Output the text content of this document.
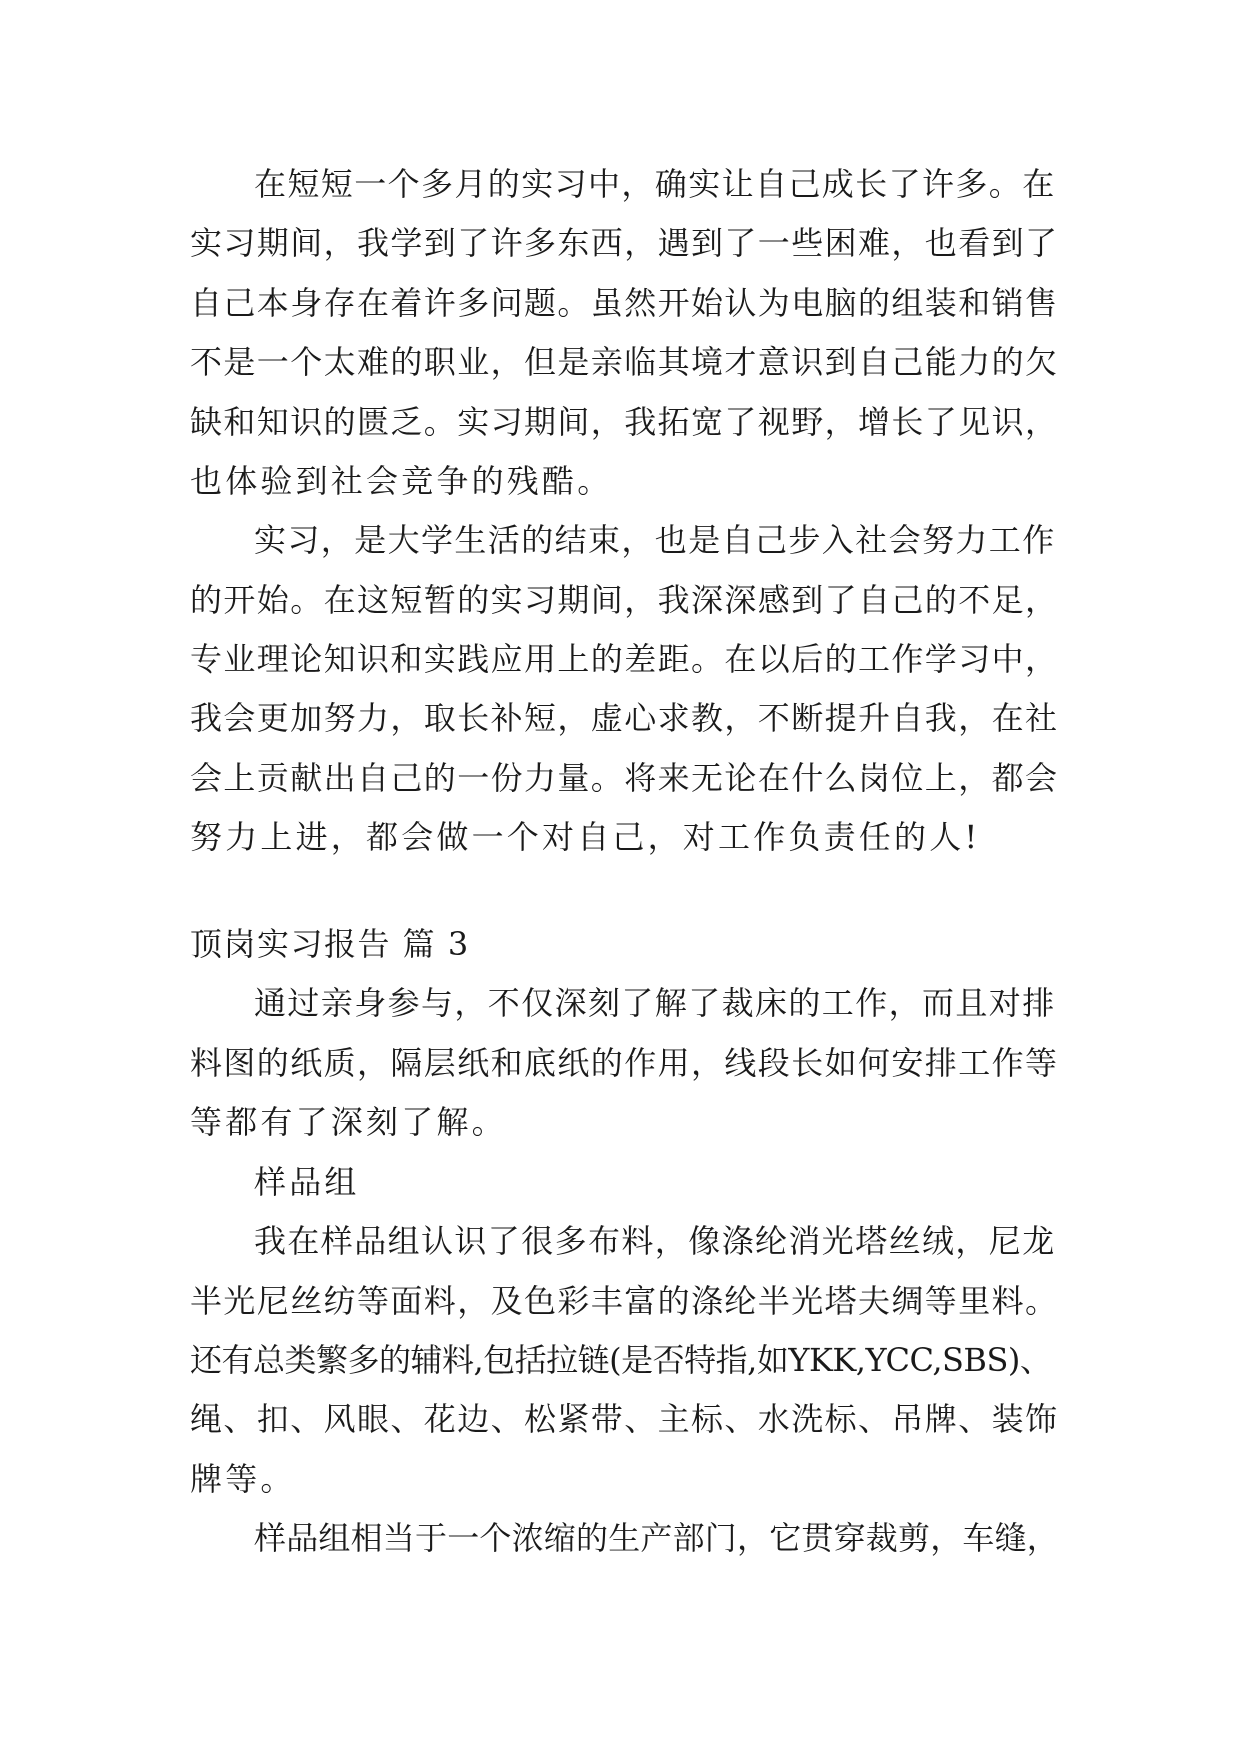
在短短一个多月的实习中，确实让自己成长了许多。在
实习期间，我学到了许多东西，遇到了一些困难，也看到了
自己本身存在着许多问题。虽然开始认为电脑的组装和销售
不是一个太难的职业，但是亲临其境才意识到自己能力的欠
缺和知识的匮乏。实习期间，我拓宽了视野，增长了见识，
也体验到社会竞争的残酷。
实习，是大学生活的结束，也是自己步入社会努力工作
的开始。在这短暂的实习期间，我深深感到了自己的不足，
专业理论知识和实践应用上的差距。在以后的工作学习中，
我会更加努力，取长补短，虚心求教，不断提升自我，在社
会上贡献出自己的一份力量。将来无论在什么岗位上，都会
努力上进，都会做一个对自己，对工作负责任的人!
顶岗实习报告 篇 3
通过亲身参与，不仅深刻了解了裁床的工作，而且对排
料图的纸质，隔层纸和底纸的作用，线段长如何安排工作等
等都有了深刻了解。
样品组
我在样品组认识了很多布料，像涤纶消光塔丝绒，尼龙
半光尼丝纺等面料，及色彩丰富的涤纶半光塔夫绸等里料。
还有总类繁多的辅料,包括拉链(是否特指,如YKK,YCC,SBS)、
绳、扣、风眼、花边、松紧带、主标、水洗标、吊牌、装饰
牌等。
样品组相当于一个浓缩的生产部门，它贯穿裁剪，车缝，
